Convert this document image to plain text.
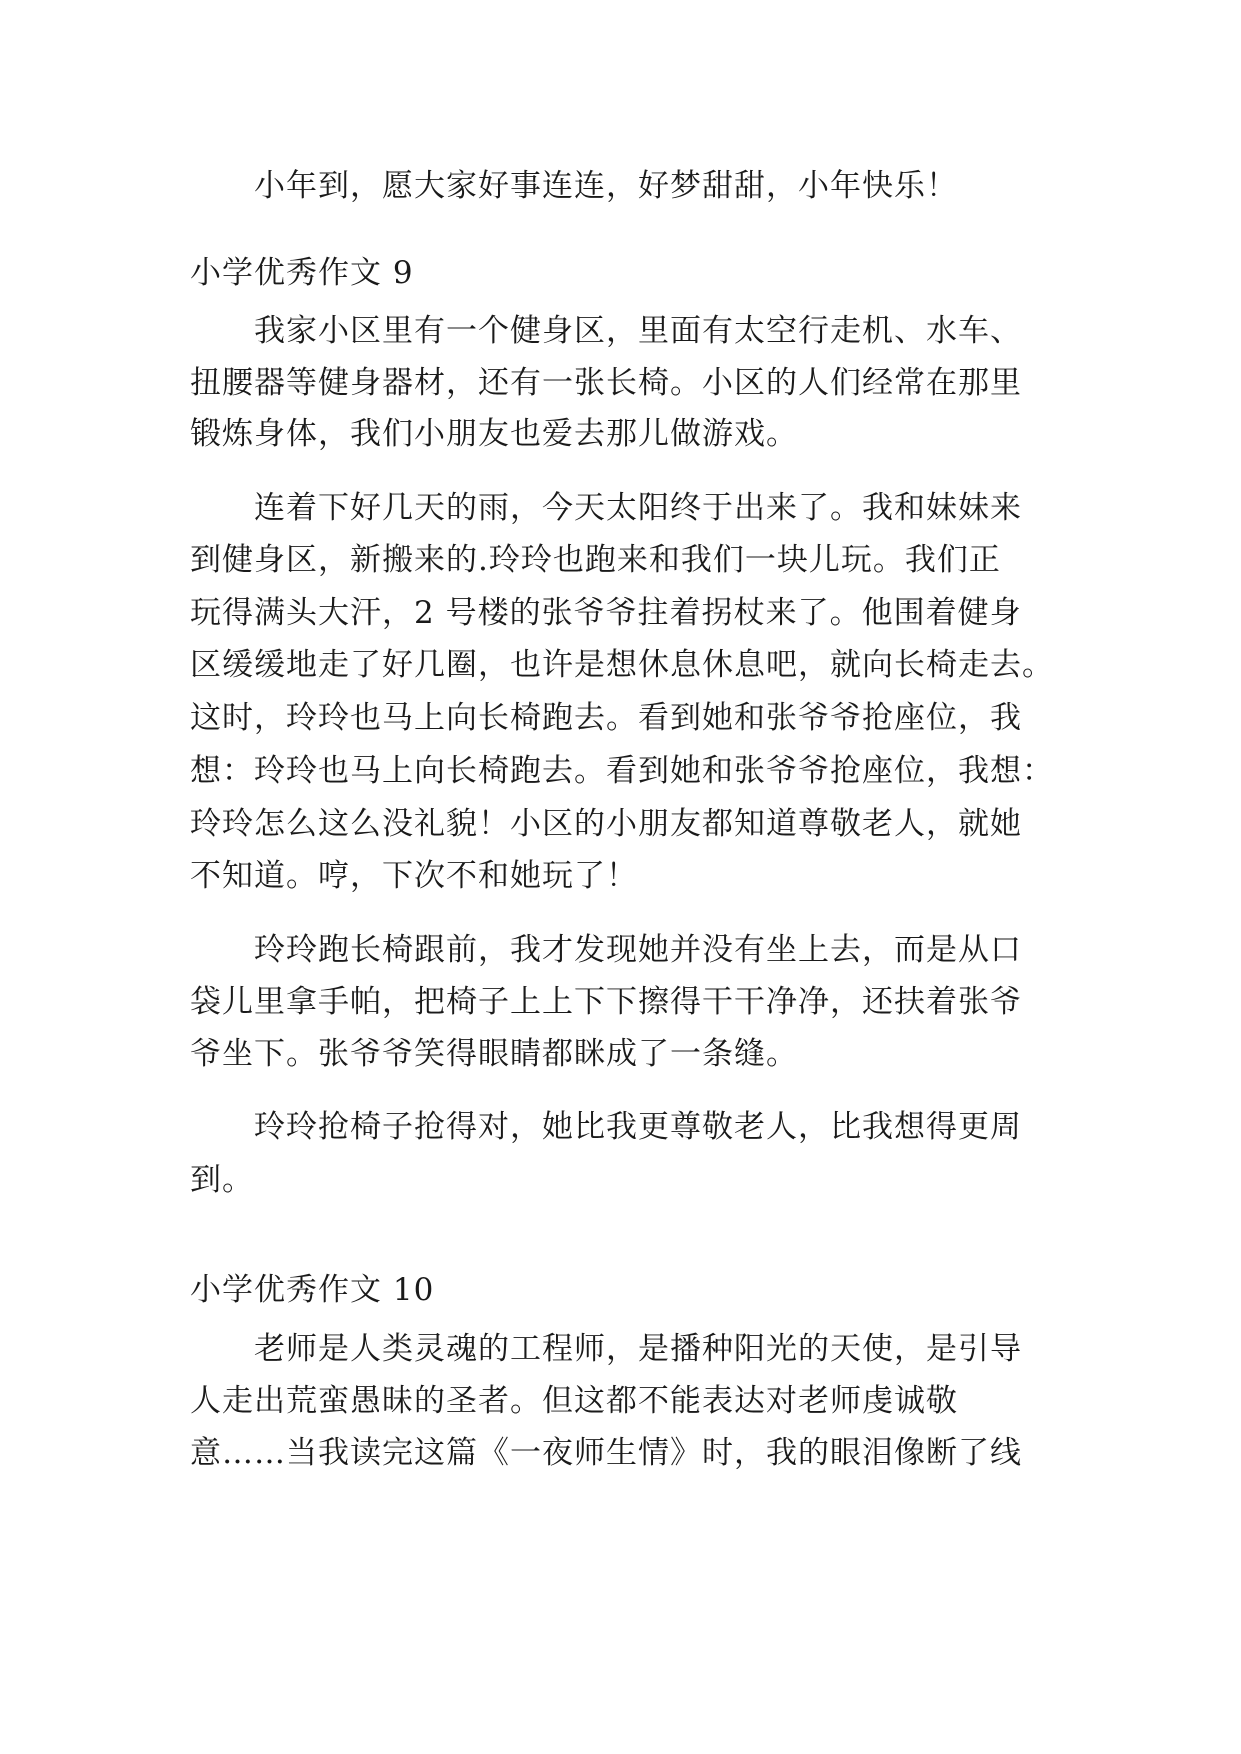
小年到，愿大家好事连连，好梦甜甜，小年快乐！
小学优秀作文 9
我家小区里有一个健身区，里面有太空行走机、水车、
扭腰器等健身器材，还有一张长椅。小区的人们经常在那里
锻炼身体，我们小朋友也爱去那儿做游戏。
连着下好几天的雨，今天太阳终于出来了。我和妹妹来
到健身区，新搬来的.玲玲也跑来和我们一块儿玩。我们正
玩得满头大汗，2 号楼的张爷爷拄着拐杖来了。他围着健身
区缓缓地走了好几圈，也许是想休息休息吧，就向长椅走去。
这时，玲玲也马上向长椅跑去。看到她和张爷爷抢座位，我
想：玲玲也马上向长椅跑去。看到她和张爷爷抢座位，我想：
玲玲怎么这么没礼貌！小区的小朋友都知道尊敬老人，就她
不知道。哼，下次不和她玩了！
玲玲跑长椅跟前，我才发现她并没有坐上去，而是从口
袋儿里拿手帕，把椅子上上下下擦得干干净净，还扶着张爷
爷坐下。张爷爷笑得眼睛都眯成了一条缝。
玲玲抢椅子抢得对，她比我更尊敬老人，比我想得更周
到。
小学优秀作文 10
老师是人类灵魂的工程师，是播种阳光的天使，是引导
人走出荒蛮愚昧的圣者。但这都不能表达对老师虔诚敬
意……当我读完这篇《一夜师生情》时，我的眼泪像断了线
